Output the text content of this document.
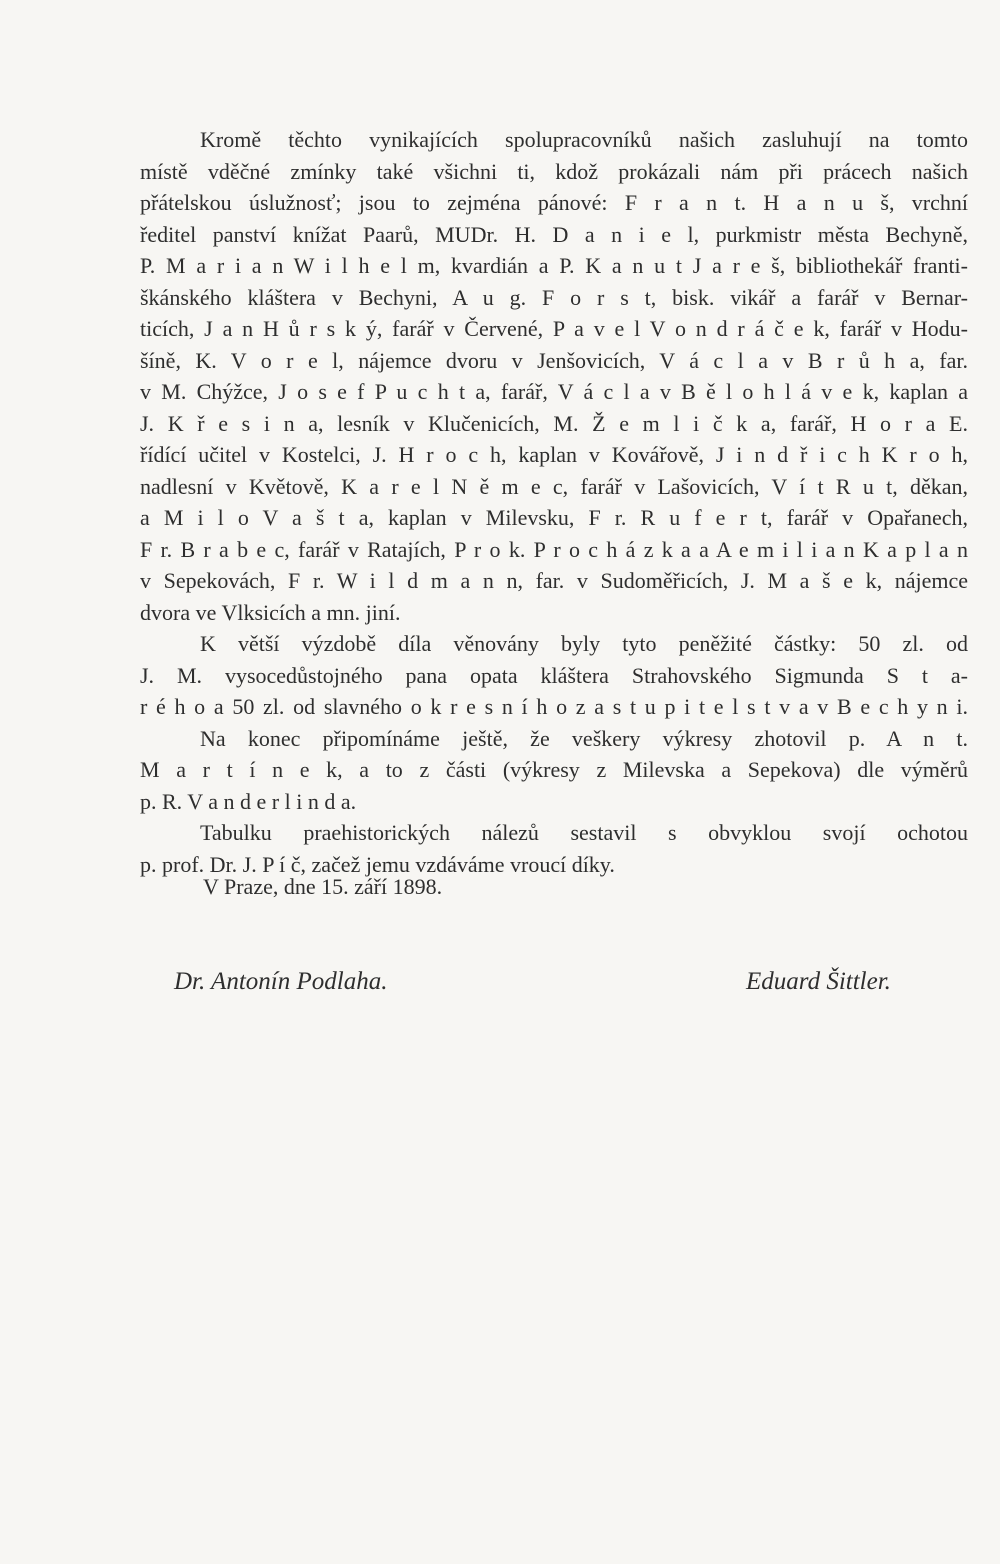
Kromě těchto vynikajících spolupracovníků našich zasluhují na tomto
místě vděčné zmínky také všichni ti, kdož prokázali nám při prácech našich
přátelskou úslužnosť; jsou to zejména pánové: F r a n t. H a n u š, vrchní
ředitel panství knížat Paarů, MUDr. H. D a n i e l, purkmistr města Bechyně,
P. M a r i a n W i l h e l m, kvardián a P. K a n u t J a r e š, bibliothekář franti-
škánského kláštera v Bechyni, A u g. F o r s t, bisk. vikář a farář v Bernar-
ticích, J a n H ů r s k ý, farář v Červené, P a v e l V o n d r á č e k, farář v Hodu-
šíně, K. V o r e l, nájemce dvoru v Jenšovicích, V á c l a v B r ů h a, far.
v M. Chýžce, J o s e f P u c h t a, farář, V á c l a v B ě l o h l á v e k, kaplan a
J. K ř e s i n a, lesník v Klučenicích, M. Ž e m l i č k a, farář, H o r a E.
řídící učitel v Kostelci, J. H r o c h, kaplan v Kovářově, J i n d ř i c h K r o h,
nadlesní v Květově, K a r e l N ě m e c, farář v Lašovicích, V í t R u t, děkan,
a M i l o V a š t a, kaplan v Milevsku, F r. R u f e r t, farář v Opařanech,
F r. B r a b e c, farář v Ratajích, P r o k. P r o c h á z k a a A e m i l i a n K a p l a n
v Sepekovách, F r. W i l d m a n n, far. v Sudoměřicích, J. M a š e k, nájemce
dvora ve Vlksicích a mn. jiní.

K větší výzdobě díla věnovány byly tyto peněžité částky: 50 zl. od
J. M. vysocedůstojného pana opata kláštera Strahovského Sigmunda S t a-
r é h o a 50 zl. od slavného o k r e s n í h o z a s t u p i t e l s t v a v B e c h y n i.

Na konec připomínáme ještě, že veškery výkresy zhotovil p. A n t.
M a r t í n e k, a to z části (výkresy z Milevska a Sepekova) dle výměrů
p. R. V a n d e r l i n d a.

Tabulku praehistorických nálezů sestavil s obvyklou svojí ochotou
p. prof. Dr. J. P í č, začež jemu vzdáváme vroucí díky.

V Praze, dne 15. září 1898.
Dr. Antonín Podlaha.	Eduard Šittler.
